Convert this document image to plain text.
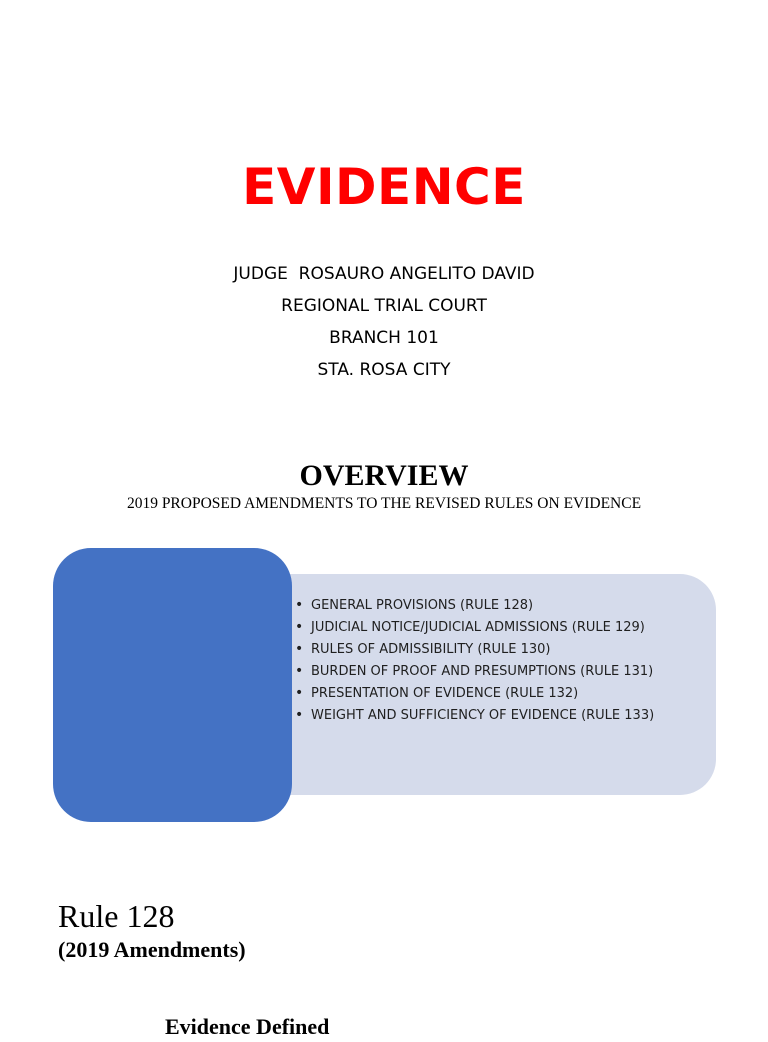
EVIDENCE
JUDGE  ROSAURO ANGELITO DAVID
REGIONAL TRIAL COURT
BRANCH 101
STA. ROSA CITY
OVERVIEW
2019 PROPOSED AMENDMENTS TO THE REVISED RULES ON EVIDENCE
• GENERAL PROVISIONS (RULE 128)
• JUDICIAL NOTICE/JUDICIAL ADMISSIONS (RULE 129)
• RULES OF ADMISSIBILITY (RULE 130)
• BURDEN OF PROOF AND PRESUMPTIONS (RULE 131)
• PRESENTATION OF EVIDENCE (RULE 132)
• WEIGHT AND SUFFICIENCY OF EVIDENCE (RULE 133)
Rule 128
(2019 Amendments)
Evidence Defined
